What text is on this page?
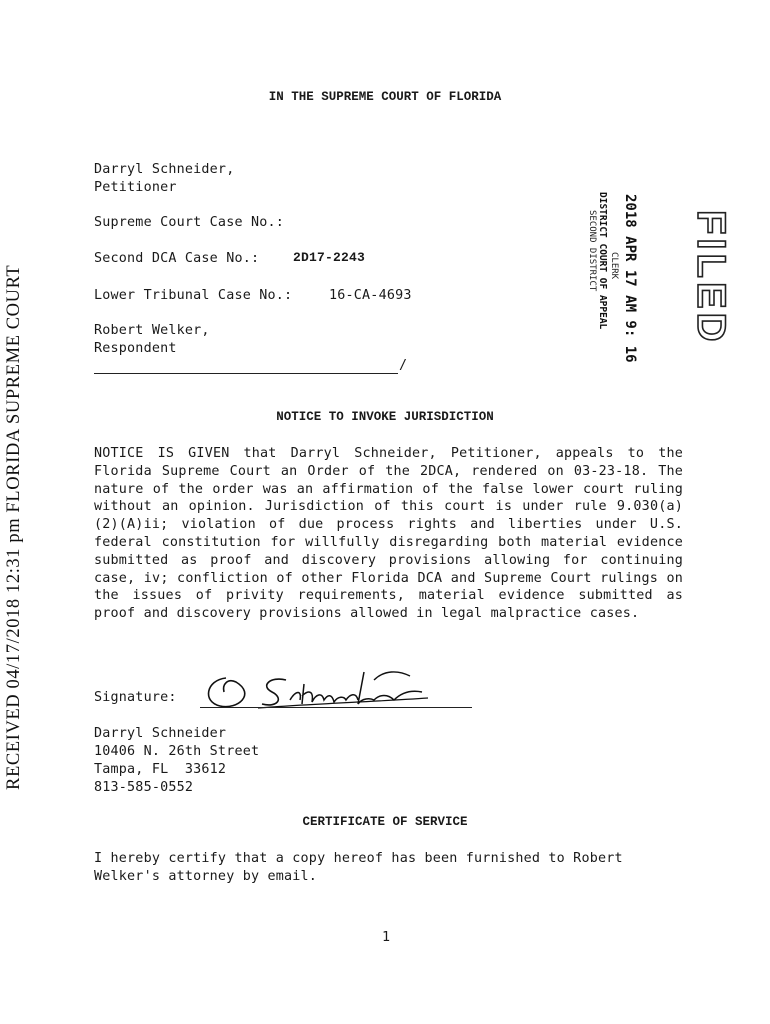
RECEIVED 04/17/2018 12:31 pm FLORIDA SUPREME COURT
IN THE SUPREME COURT OF FLORIDA
Darryl Schneider,
Petitioner
Supreme Court Case No.:
Second DCA Case No.:	2D17-2243
Lower Tribunal Case No.:	16-CA-4693
Robert Welker,
Respondent
/
2018 APR 17 AM 9: 16
CLERK
DISTRICT COURT OF APPEAL
SECOND DISTRICT FILED
NOTICE TO INVOKE JURISDICTION
NOTICE IS GIVEN that Darryl Schneider, Petitioner, appeals to the Florida Supreme Court an Order of the 2DCA, rendered on 03-23-18. The nature of the order was an affirmation of the false lower court ruling without an opinion. Jurisdiction of this court is under rule 9.030(a)(2)(A)ii; violation of due process rights and liberties under U.S. federal constitution for willfully disregarding both material evidence submitted as proof and discovery provisions allowing for continuing case, iv; confliction of other Florida DCA and Supreme Court rulings on the issues of privity requirements, material evidence submitted as proof and discovery provisions allowed in legal malpractice cases.
Signature:
Darryl Schneider
10406 N. 26th Street
Tampa, FL  33612
813-585-0552
CERTIFICATE OF SERVICE
I hereby certify that a copy hereof has been furnished to Robert Welker's attorney by email.
1
